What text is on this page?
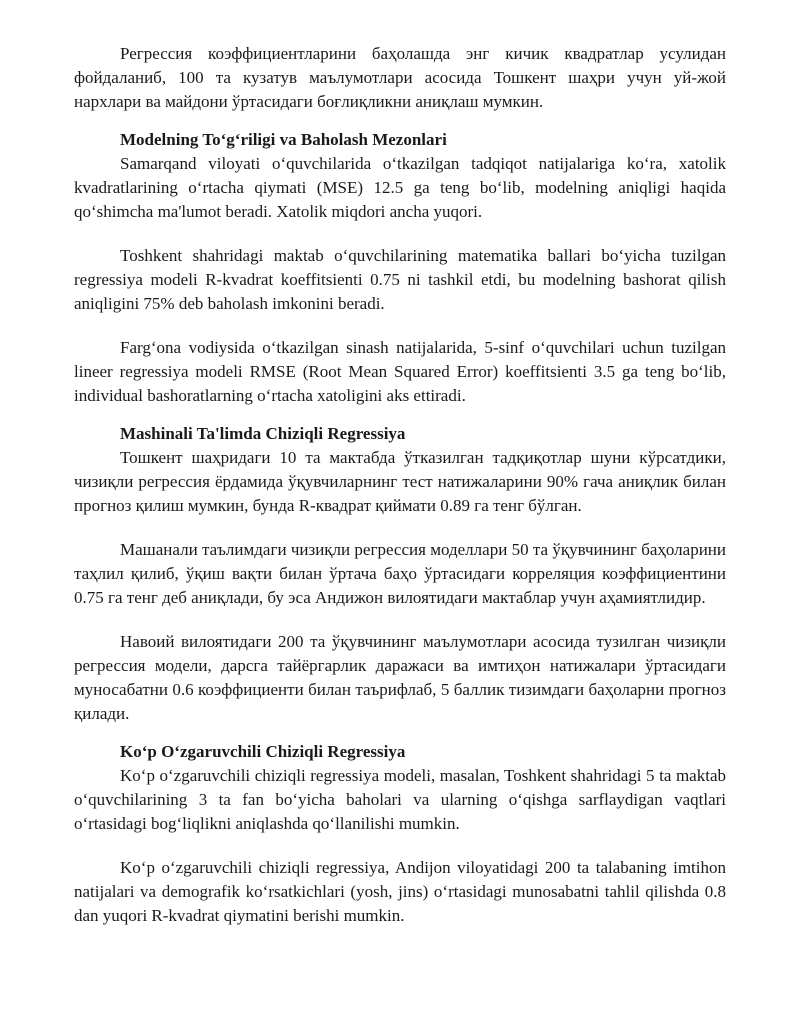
Регрессия коэффициентларини баҳолашда энг кичик квадратлар усулидан фойдаланиб, 100 та кузатув маълумотлари асосида Тошкент шаҳри учун уй-жой нархлари ва майдони ўртасидаги боғлиқликни аниқлаш мумкин.

Modelning To‘g‘riligi va Baholash Mezonlari

Samarqand viloyati o‘quvchilarida o‘tkazilgan tadqiqot natijalariga ko‘ra, xatolik kvadratlarining o‘rtacha qiymati (MSE) 12.5 ga teng bo‘lib, modelning aniqligi haqida qo‘shimcha ma'lumot beradi. Xatolik miqdori ancha yuqori.

Toshkent shahridagi maktab o‘quvchilarining matematika ballari bo‘yicha tuzilgan regressiya modeli R-kvadrat koeffitsienti 0.75 ni tashkil etdi, bu modelning bashorat qilish aniqligini 75% deb baholash imkonini beradi.

Farg‘ona vodiysida o‘tkazilgan sinash natijalarida, 5-sinf o‘quvchilari uchun tuzilgan lineer regressiya modeli RMSE (Root Mean Squared Error) koeffitsienti 3.5 ga teng bo‘lib, individual bashoratlarning o‘rtacha xatoligini aks ettiradi.

Mashinali Ta'limda Chiziqli Regressiya

Тошкент шаҳридаги 10 та мактабда ўтказилган тадқиқотлар шуни кўрсатдики, чизиқли регрессия ёрдамида ўқувчиларнинг тест натижаларини 90% гача аниқлик билан прогноз қилиш мумкин, бунда R-квадрат қиймати 0.89 га тенг бўлган.

Машанали таълимдаги чизиқли регрессия моделлари 50 та ўқувчининг баҳоларини таҳлил қилиб, ўқиш вақти билан ўртача баҳо ўртасидаги корреляция коэффициентини 0.75 га тенг деб аниқлади, бу эса Андижон вилоятидаги мактаблар учун аҳамиятлидир.

Навоий вилоятидаги 200 та ўқувчининг маълумотлари асосида тузилган чизиқли регрессия модели, дарсга тайёргарлик даражаси ва имтиҳон натижалари ўртасидаги муносабатни 0.6 коэффициенти билан таърифлаб, 5 баллик тизимдаги баҳоларни прогноз қилади.

Ko‘p O‘zgaruvchili Chiziqli Regressiya

Ko‘p o‘zgaruvchili chiziqli regressiya modeli, masalan, Toshkent shahridagi 5 ta maktab o‘quvchilarining 3 ta fan bo‘yicha baholari va ularning o‘qishga sarflaydigan vaqtlari o‘rtasidagi bog‘liqlikni aniqlashda qo‘llanilishi mumkin.

Ko‘p o‘zgaruvchili chiziqli regressiya, Andijon viloyatidagi 200 ta talabaning imtihon natijalari va demografik ko‘rsatkichlari (yosh, jins) o‘rtasidagi munosabatni tahlil qilishda 0.8 dan yuqori R-kvadrat qiymatini berishi mumkin.
